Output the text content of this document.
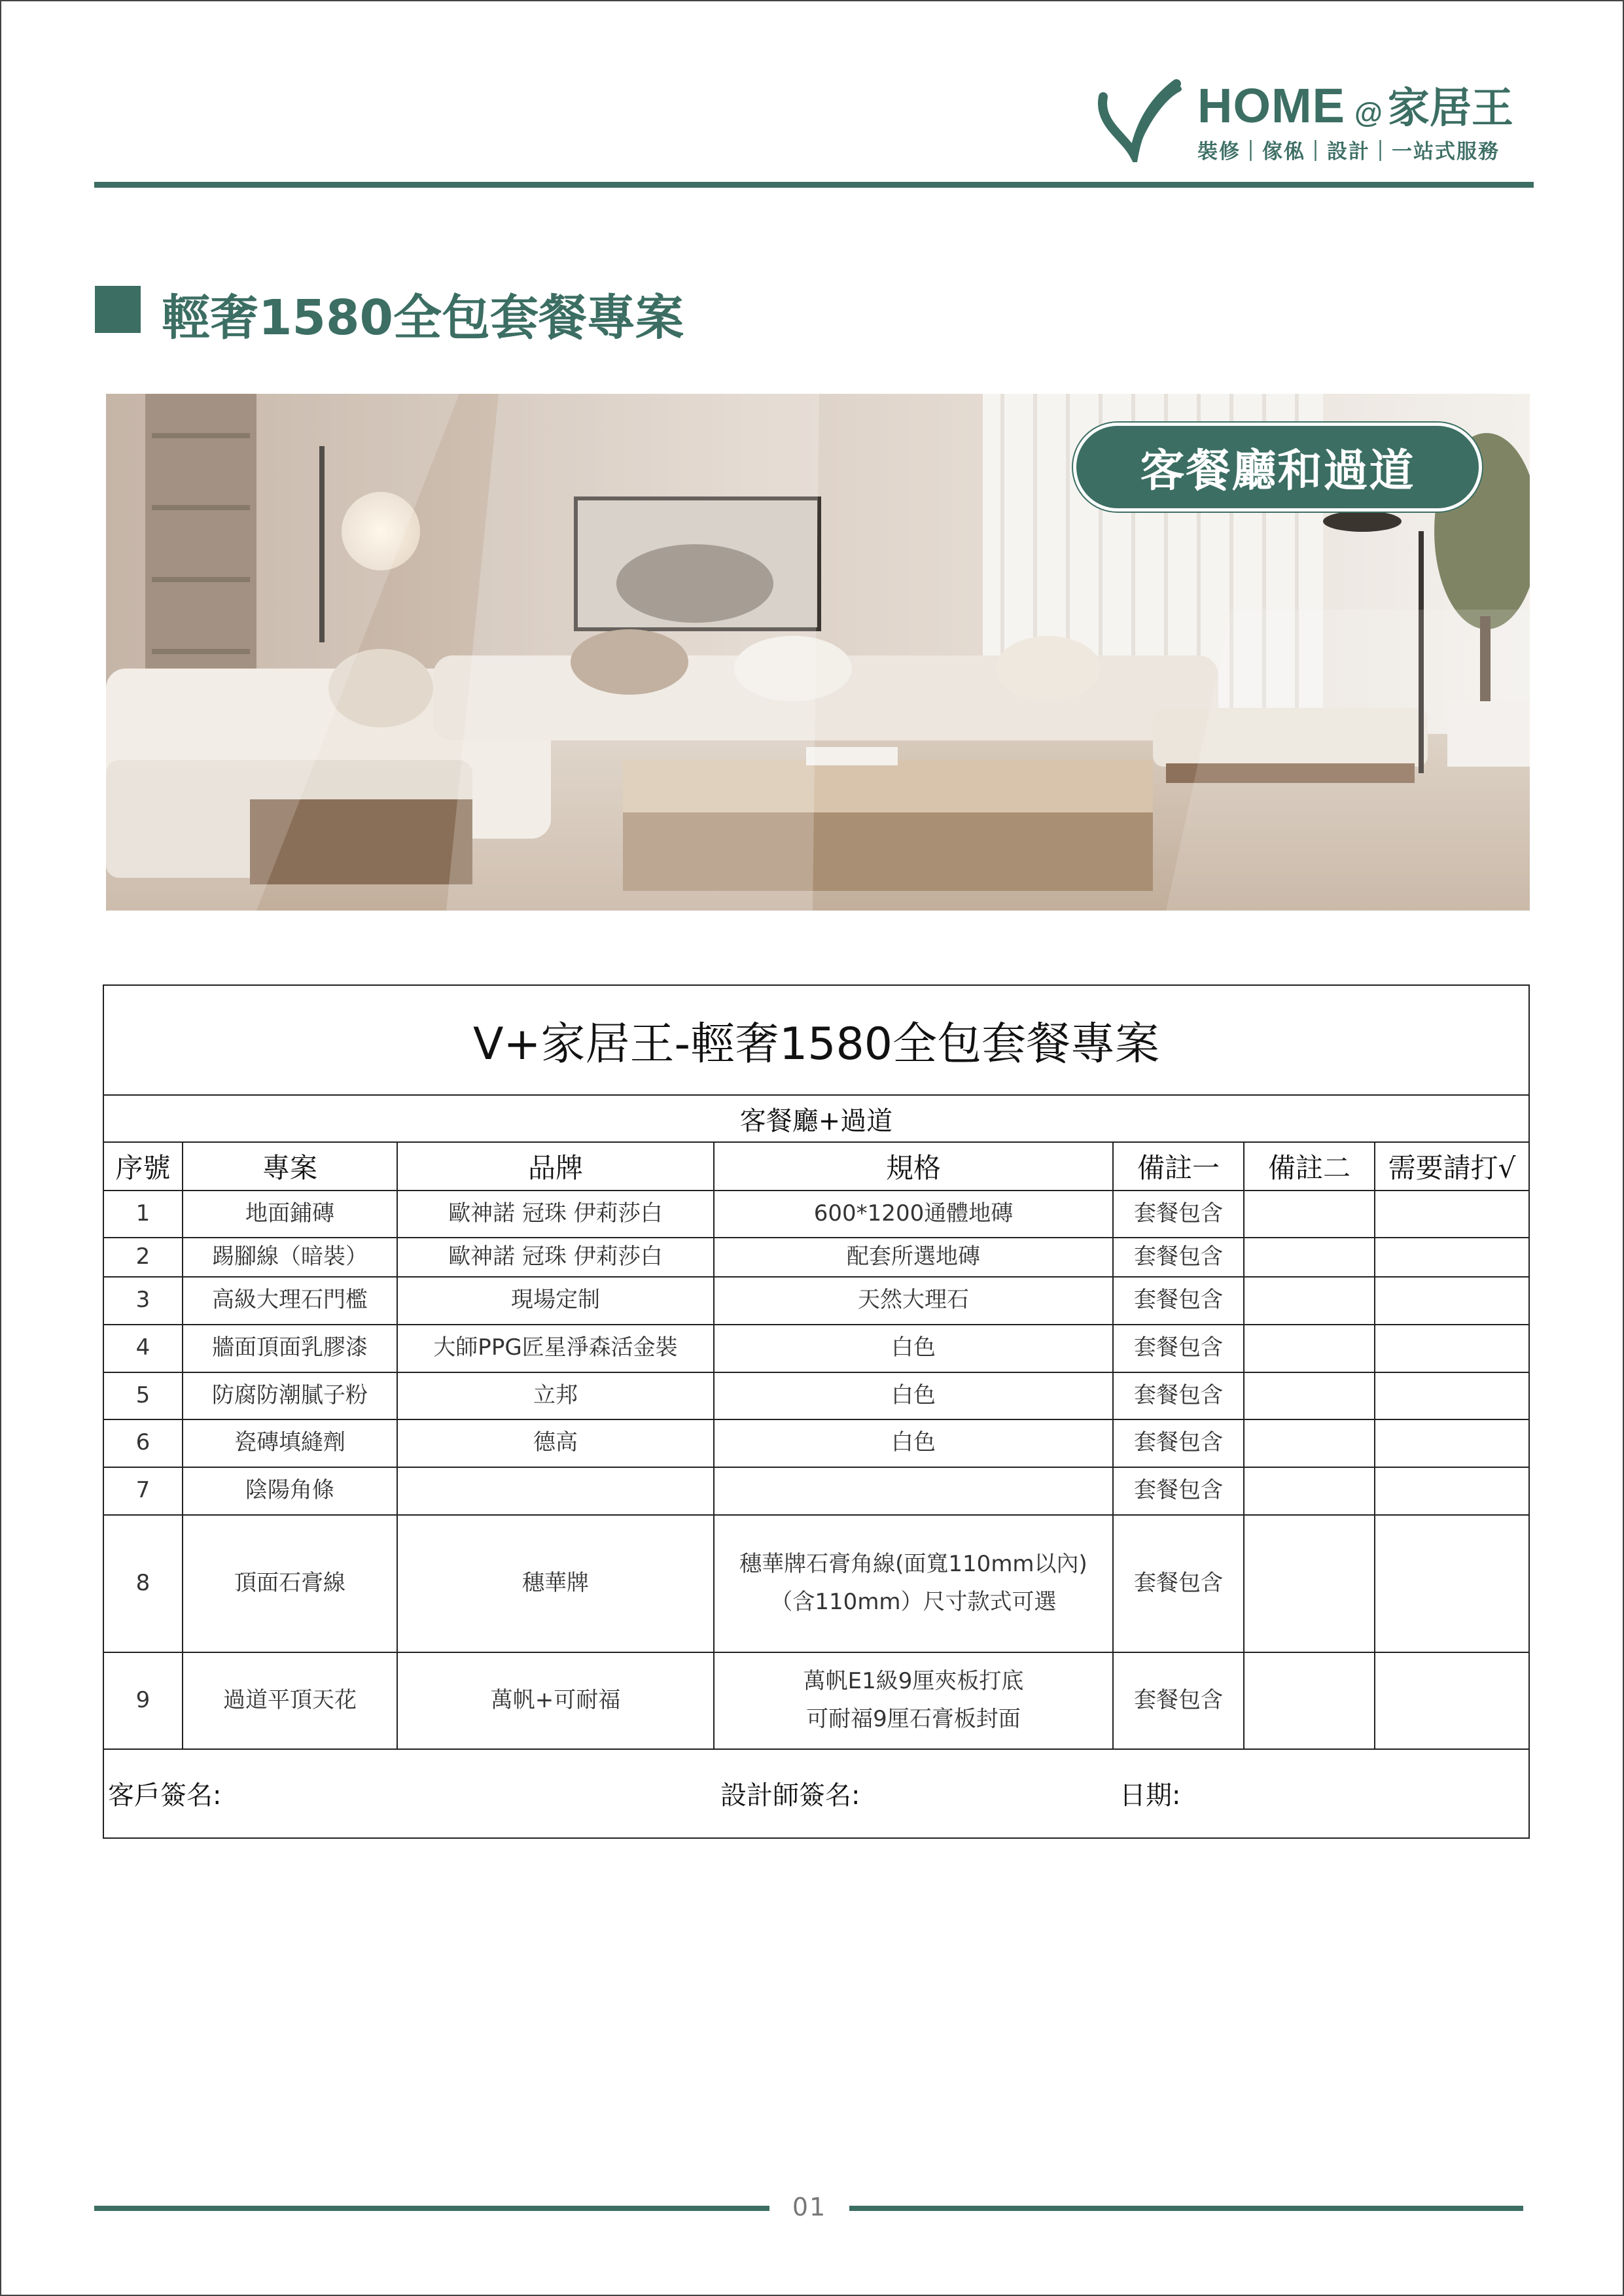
HOME @ 家居王
裝修｜傢俬｜設計｜一站式服務
輕奢1580全包套餐專案
客餐廳和過道
V+家居王-輕奢1580全包套餐專案						
客餐廳+過道						
序號	專案	品牌	規格	備註一	備註二	需要請打√
1	地面鋪磚	歐神諾 冠珠 伊莉莎白	600*1200通體地磚	套餐包含		
2	踢腳線（暗裝）	歐神諾 冠珠 伊莉莎白	配套所選地磚	套餐包含		
3	高級大理石門檻	現場定制	天然大理石	套餐包含		
4	牆面頂面乳膠漆	大師PPG匠星淨森活金裝	白色	套餐包含		
5	防腐防潮膩子粉	立邦	白色	套餐包含		
6	瓷磚填縫劑	德高	白色	套餐包含		
7	陰陽角條			套餐包含		
8	頂面石膏線	穗華牌	穗華牌石膏角線(面寬110mm以內)
（含110mm）尺寸款式可選	套餐包含		
9	過道平頂天花	萬帆+可耐福	萬帆E1級9厘夾板打底
可耐福9厘石膏板封面	套餐包含		
客戶簽名:			設計師簽名:		日期:	
01
